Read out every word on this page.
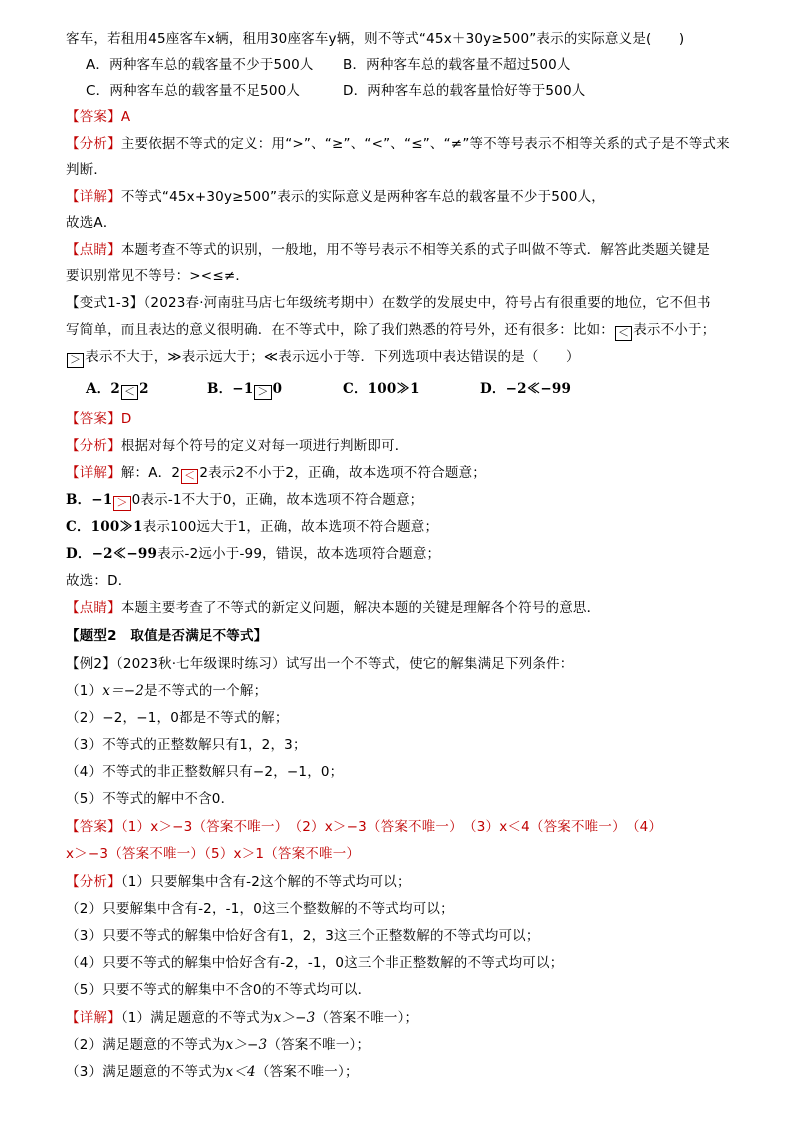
客车，若租用45座客车x辆，租用30座客车y辆，则不等式“45x＋30y≥500”表示的实际意义是(　　)
A．两种客车总的载客量不少于500人 B．两种客车总的载客量不超过500人
C．两种客车总的载客量不足500人	D．两种客车总的载客量恰好等于500人
【答案】A
【分析】主要依据不等式的定义：用“>”、“≥”、“<”、“≤”、“≠”等不等号表示不相等关系的式子是不等式来
判断．
【详解】不等式“45x+30y≥500”表示的实际意义是两种客车总的载客量不少于500人，
故选A．
【点睛】本题考查不等式的识别，一般地，用不等号表示不相等关系的式子叫做不等式．解答此类题关键是
要识别常见不等号：><≤≠．
【变式1-3】（2023春·河南驻马店七年级统考期中）在数学的发展史中，符号占有很重要的地位，它不但书
写简单，而且表达的意义很明确．在不等式中，除了我们熟悉的符号外，还有很多：比如： ＜ 表示不小于；
＞ 表示不大于，≫表示远大于；≪表示远小于等．下列选项中表达错误的是（　　）
A．2 ＜ 2	B．−1 ＞ 0	C．100≫1	D．−2≪−99
【答案】D
【分析】根据对每个符号的定义对每一项进行判断即可．
【详解】解：A．2 ＜ 2表示2不小于2，正确，故本选项不符合题意；
B．−1 ＞ 0表示-1不大于0，正确，故本选项不符合题意；
C．100≫1表示100远大于1，正确，故本选项不符合题意；
D．−2≪−99表示-2远小于-99，错误，故本选项符合题意；
故选：D．
【点睛】本题主要考查了不等式的新定义问题，解决本题的关键是理解各个符号的意思．
【题型2　取值是否满足不等式】
【例2】（2023秋·七年级课时练习）试写出一个不等式，使它的解集满足下列条件：
（1）x＝−2是不等式的一个解；
（2）−2，−1，0都是不等式的解；
（3）不等式的正整数解只有1，2，3；
（4）不等式的非正整数解只有−2，−1，0；
（5）不等式的解中不含0．
【答案】（1）x＞−3（答案不唯一）　（2）x＞−3（答案不唯一）　（3）x＜4（答案不唯一）　（4）
x＞−3（答案不唯一）（5）x＞1（答案不唯一）
【分析】（1）只要解集中含有-2这个解的不等式均可以；
（2）只要解集中含有-2，-1，0这三个整数解的不等式均可以；
（3）只要不等式的解集中恰好含有1，2，3这三个正整数解的不等式均可以；
（4）只要不等式的解集中恰好含有-2，-1，0这三个非正整数解的不等式均可以；
（5）只要不等式的解集中不含0的不等式均可以．
【详解】（1）满足题意的不等式为x＞−3（答案不唯一）；
（2）满足题意的不等式为x＞−3（答案不唯一）；
（3）满足题意的不等式为x＜4（答案不唯一）；
